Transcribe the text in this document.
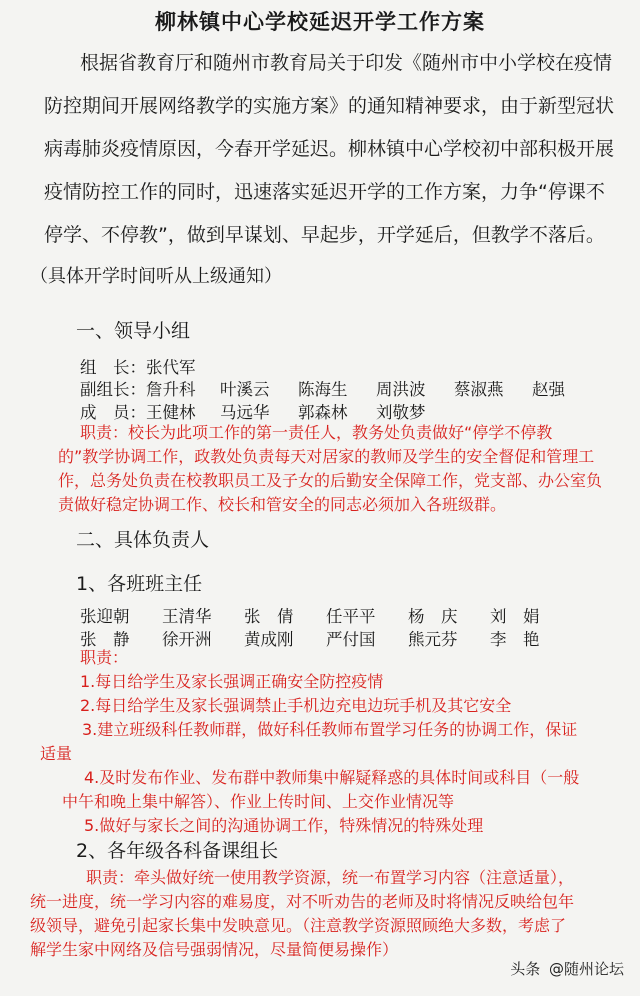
柳林镇中心学校延迟开学工作方案
根据省教育厅和随州市教育局关于印发《随州市中小学校在疫情
防控期间开展网络教学的实施方案》的通知精神要求，由于新型冠状
病毒肺炎疫情原因，今春开学延迟。柳林镇中心学校初中部积极开展
疫情防控工作的同时，迅速落实延迟开学的工作方案，力争“停课不
停学、不停教”，做到早谋划、早起步，开学延后，但教学不落后。
（具体开学时间听从上级通知）
一、领导小组
组　长：张代军
副组长：詹升科 叶溪云 陈海生 周洪波 蔡淑燕 赵强
成　员：王健林 马远华 郭森林 刘敬梦
职责：校长为此项工作的第一责任人，教务处负责做好“停学不停教
的”教学协调工作，政教处负责每天对居家的教师及学生的安全督促和管理工
作，总务处负责在校教职员工及子女的后勤安全保障工作，党支部、办公室负
责做好稳定协调工作、校长和管安全的同志必须加入各班级群。
二、具体负责人
1、各班班主任
张迎朝 王清华 张　倩 任平平 杨　庆 刘　娟
张　静 徐开洲 黄成刚 严付国 熊元芬 李　艳
职责：
1.每日给学生及家长强调正确安全防控疫情
2.每日给学生及家长强调禁止手机边充电边玩手机及其它安全
3.建立班级科任教师群，做好科任教师布置学习任务的协调工作，保证
适量
4.及时发布作业、发布群中教师集中解疑释惑的具体时间或科目（一般
中午和晚上集中解答）、作业上传时间、上交作业情况等
5.做好与家长之间的沟通协调工作，特殊情况的特殊处理
2、各年级各科备课组长
职责：牵头做好统一使用教学资源，统一布置学习内容（注意适量），
统一进度，统一学习内容的难易度，对不听劝告的老师及时将情况反映给包年
级领导，避免引起家长集中发映意见。（注意教学资源照顾绝大多数，考虑了
解学生家中网络及信号强弱情况，尽量简便易操作）
头条 @随州论坛
